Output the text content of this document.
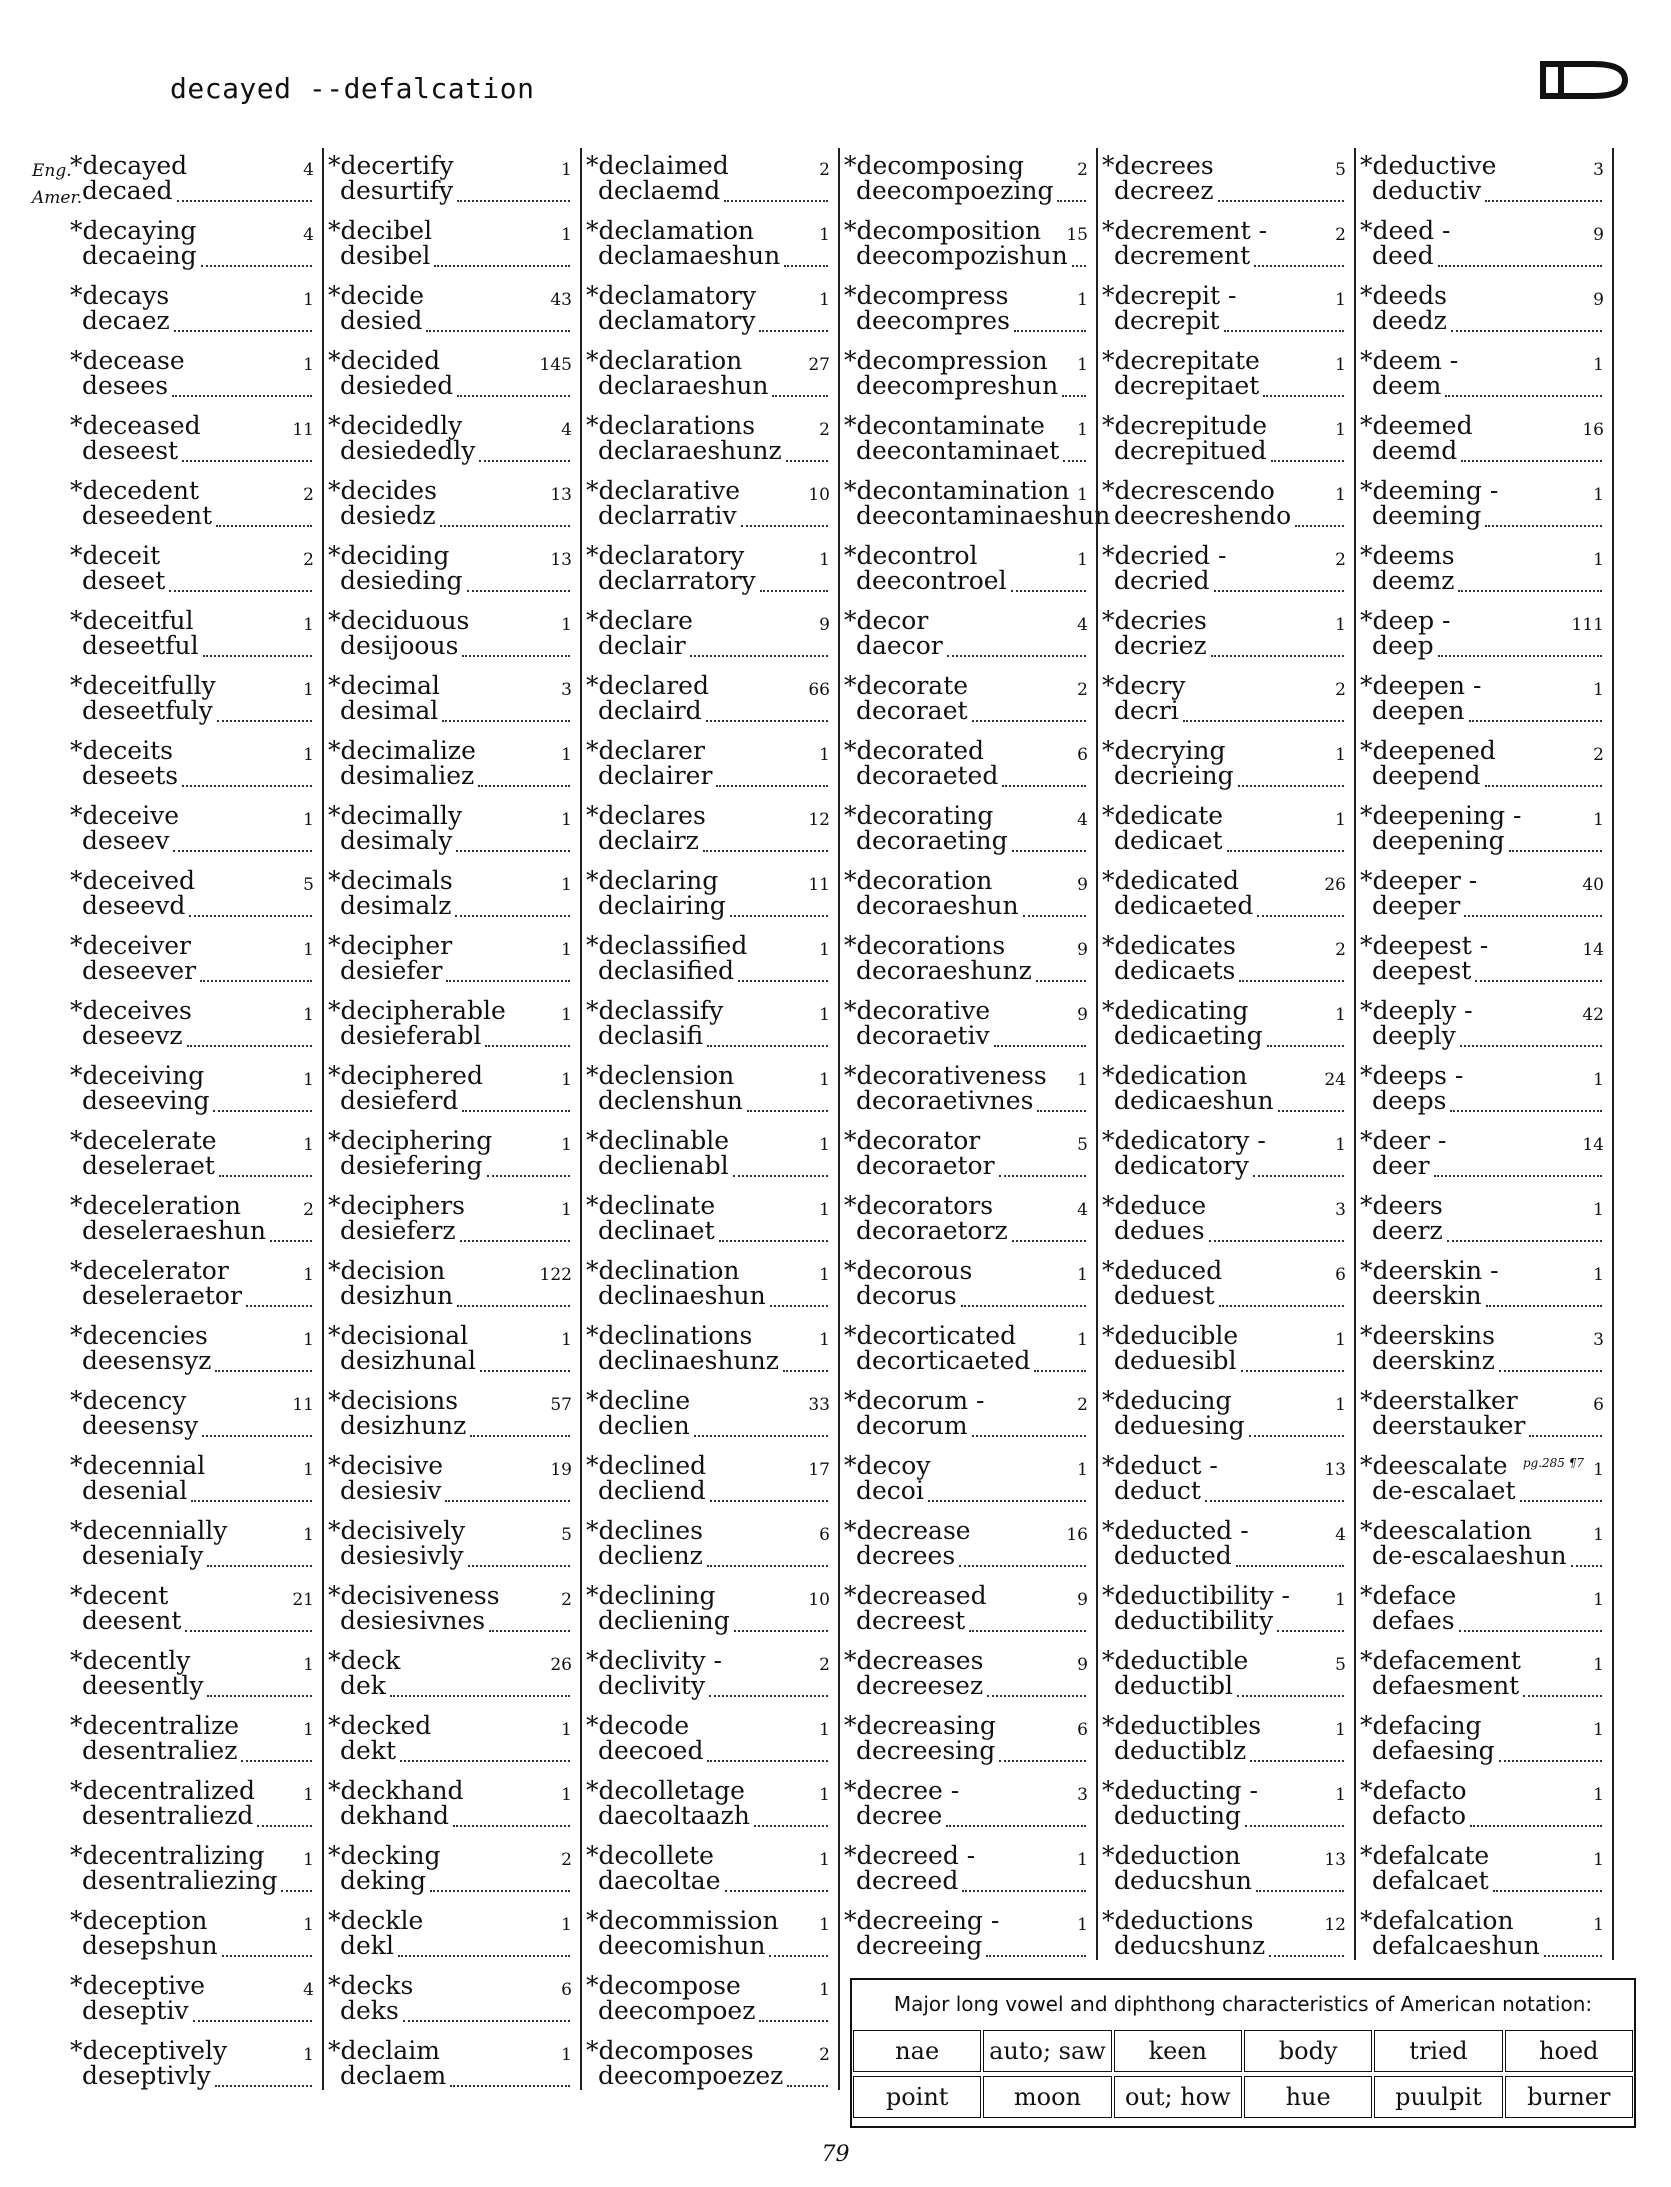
decayed --defalcation
Eng.
Amer.
*decayed
decaed
4
*decaying
decaeing
4
*decays
decaez
1
*decease
desees
1
*deceased
deseest
11
*decedent
deseedent
2
*deceit
deseet
2
*deceitful
deseetful
1
*deceitfully
deseetfuly
1
*deceits
deseets
1
*deceive
deseev
1
*deceived
deseevd
5
*deceiver
deseever
1
*deceives
deseevz
1
*deceiving
deseeving
1
*decelerate
deseleraet
1
*deceleration
deseleraeshun
2
*decelerator
deseleraetor
1
*decencies
deesensyz
1
*decency
deesensy
11
*decennial
desenial
1
*decennially
deseniaIy
1
*decent
deesent
21
*decently
deesently
1
*decentralize
desentraliez
1
*decentralized
desentraliezd
1
*decentralizing
desentraliezing
1
*deception
desepshun
1
*deceptive
deseptiv
4
*deceptively
deseptivly
1
*decertify
desurtify
1
*decibel
desibel
1
*decide
desied
43
*decided
desieded
145
*decidedly
desiededly
4
*decides
desiedz
13
*deciding
desieding
13
*deciduous
desijoous
1
*decimal
desimal
3
*decimalize
desimaliez
1
*decimally
desimaly
1
*decimals
desimalz
1
*decipher
desiefer
1
*decipherable
desieferabl
1
*deciphered
desieferd
1
*deciphering
desiefering
1
*deciphers
desieferz
1
*decision
desizhun
122
*decisional
desizhunal
1
*decisions
desizhunz
57
*decisive
desiesiv
19
*decisively
desiesivly
5
*decisiveness
desiesivnes
2
*deck
dek
26
*decked
dekt
1
*deckhand
dekhand
1
*decking
deking
2
*deckle
dekl
1
*decks
deks
6
*declaim
declaem
1
*declaimed
declaemd
2
*declamation
declamaeshun
1
*declamatory
declamatory
1
*declaration
declaraeshun
27
*declarations
declaraeshunz
2
*declarative
declarrativ
10
*declaratory
declarratory
1
*declare
declair
9
*declared
declaird
66
*declarer
declairer
1
*declares
declairz
12
*declaring
declairing
11
*declassified
declasified
1
*declassify
declasifi
1
*declension
declenshun
1
*declinable
declienabl
1
*declinate
declinaet
1
*declination
declinaeshun
1
*declinations
declinaeshunz
1
*decline
declien
33
*declined
decliend
17
*declines
declienz
6
*declining
decliening
10
*declivity -
declivity
2
*decode
deecoed
1
*decolletage
daecoltaazh
1
*decollete
daecoltae
1
*decommission
deecomishun
1
*decompose
deecompoez
1
*decomposes
deecompoezez
2
*decomposing
deecompoezing
2
*decomposition
deecompozishun
15
*decompress
deecompres
1
*decompression
deecompreshun
1
*decontaminate
deecontaminaet
1
*decontamination
deecontaminaeshun
1
*decontrol
deecontroel
1
*decor
daecor
4
*decorate
decoraet
2
*decorated
decoraeted
6
*decorating
decoraeting
4
*decoration
decoraeshun
9
*decorations
decoraeshunz
9
*decorative
decoraetiv
9
*decorativeness
decoraetivnes
1
*decorator
decoraetor
5
*decorators
decoraetorz
4
*decorous
decorus
1
*decorticated
decorticaeted
1
*decorum -
decorum
2
*decoy
decoi
1
*decrease
decrees
16
*decreased
decreest
9
*decreases
decreesez
9
*decreasing
decreesing
6
*decree -
decree
3
*decreed -
decreed
1
*decreeing -
decreeing
1
*decrees
decreez
5
*decrement -
decrement
2
*decrepit -
decrepit
1
*decrepitate
decrepitaet
1
*decrepitude
decrepitued
1
*decrescendo
deecreshendo
1
*decried -
decried
2
*decries
decriez
1
*decry
decri
2
*decrying
decrieing
1
*dedicate
dedicaet
1
*dedicated
dedicaeted
26
*dedicates
dedicaets
2
*dedicating
dedicaeting
1
*dedication
dedicaeshun
24
*dedicatory -
dedicatory
1
*deduce
dedues
3
*deduced
deduest
6
*deducible
deduesibl
1
*deducing
deduesing
1
*deduct -
deduct
13
*deducted -
deducted
4
*deductibility -
deductibility
1
*deductible
deductibl
5
*deductibles
deductiblz
1
*deducting -
deducting
1
*deduction
deducshun
13
*deductions
deducshunz
12
*deductive
deductiv
3
*deed -
deed
9
*deeds
deedz
9
*deem -
deem
1
*deemed
deemd
16
*deeming -
deeming
1
*deems
deemz
1
*deep -
deep
111
*deepen -
deepen
1
*deepened
deepend
2
*deepening -
deepening
1
*deeper -
deeper
40
*deepest -
deepest
14
*deeply -
deeply
42
*deeps -
deeps
1
*deer -
deer
14
*deers
deerz
1
*deerskin -
deerskin
1
*deerskins
deerskinz
3
*deerstalker
deerstauker
6
*deescalate
de-escalaet
1
pg.285 ¶7
*deescalation
de-escalaeshun
1
*deface
defaes
1
*defacement
defaesment
1
*defacing
defaesing
1
*defacto
defacto
1
*defalcate
defalcaet
1
*defalcation
defalcaeshun
1
Major long vowel and diphthong characteristics of American notation:
nae	auto; saw	keen	body	tried	hoed
point	moon	out; how	hue	puulpit	burner
79
